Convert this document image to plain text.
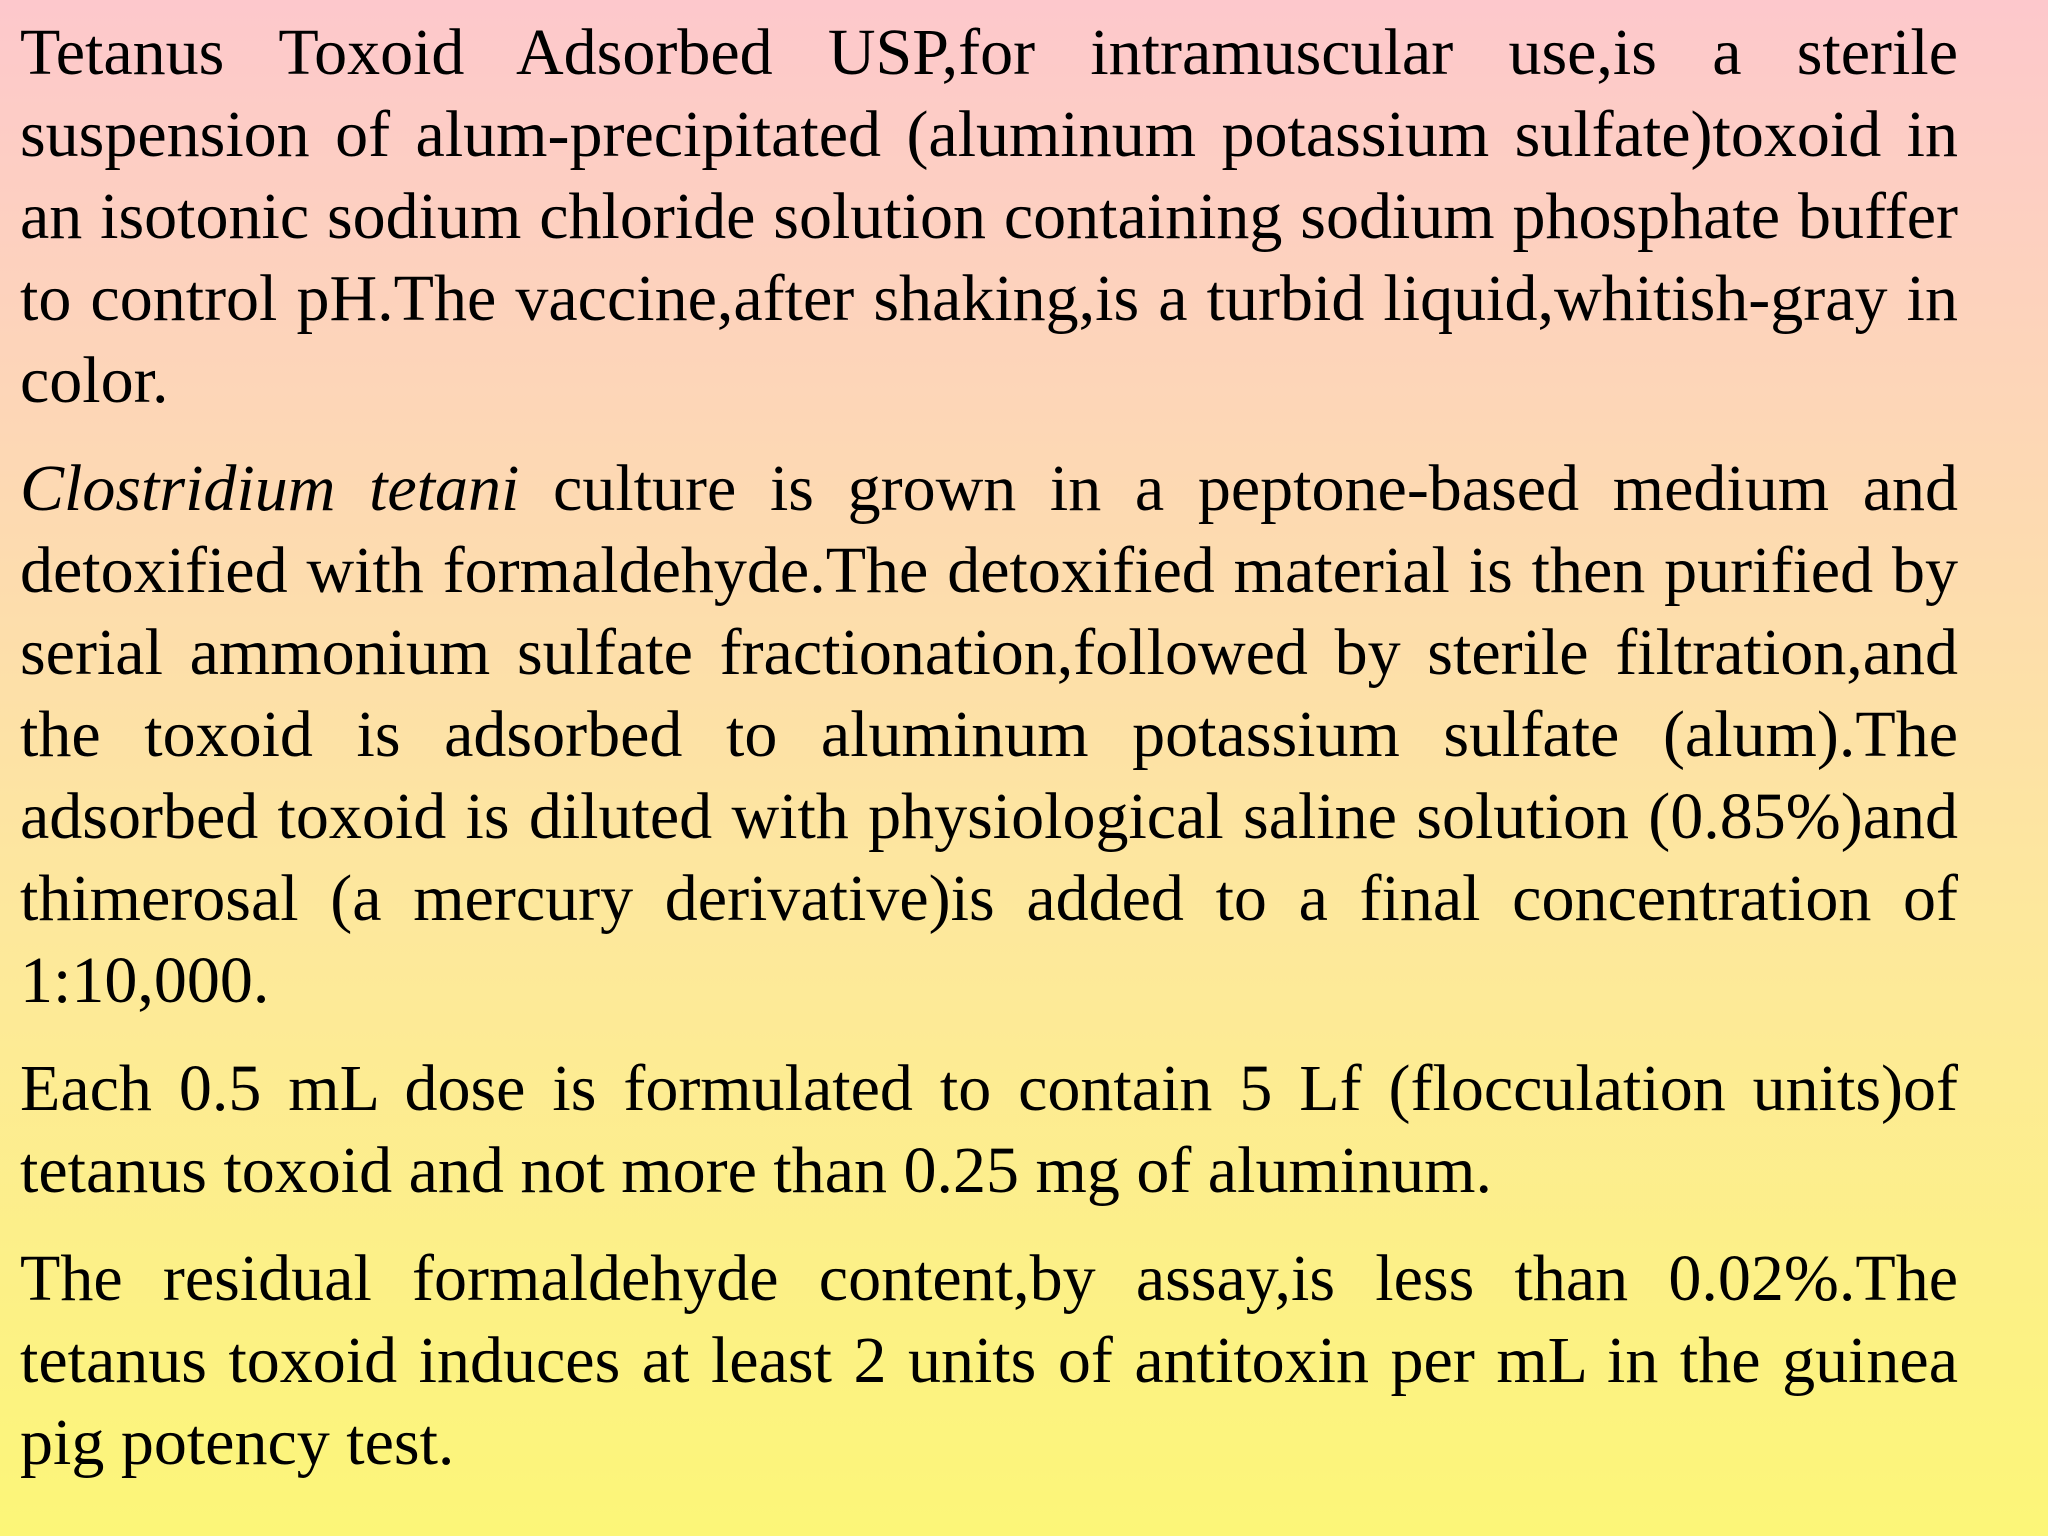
Tetanus Toxoid Adsorbed USP,for intramuscular use,is a sterile suspension of alum-precipitated (aluminum potassium sulfate)toxoid in an isotonic sodium chloride solution containing sodium phosphate buffer to control pH.The vaccine,after shaking,is a turbid liquid,whitish-gray in color.

Clostridium tetani culture is grown in a peptone-based medium and detoxified with formaldehyde.The detoxified material is then purified by serial ammonium sulfate fractionation,followed by sterile filtration,and the toxoid is adsorbed to aluminum potassium sulfate (alum).The adsorbed toxoid is diluted with physiological saline solution (0.85%)and thimerosal (a mercury derivative)is added to a final concentration of 1:10,000.

Each 0.5 mL dose is formulated to contain 5 Lf (flocculation units)of tetanus toxoid and not more than 0.25 mg of aluminum.

The residual formaldehyde content,by assay,is less than 0.02%.The tetanus toxoid induces at least 2 units of antitoxin per mL in the guinea pig potency test.
